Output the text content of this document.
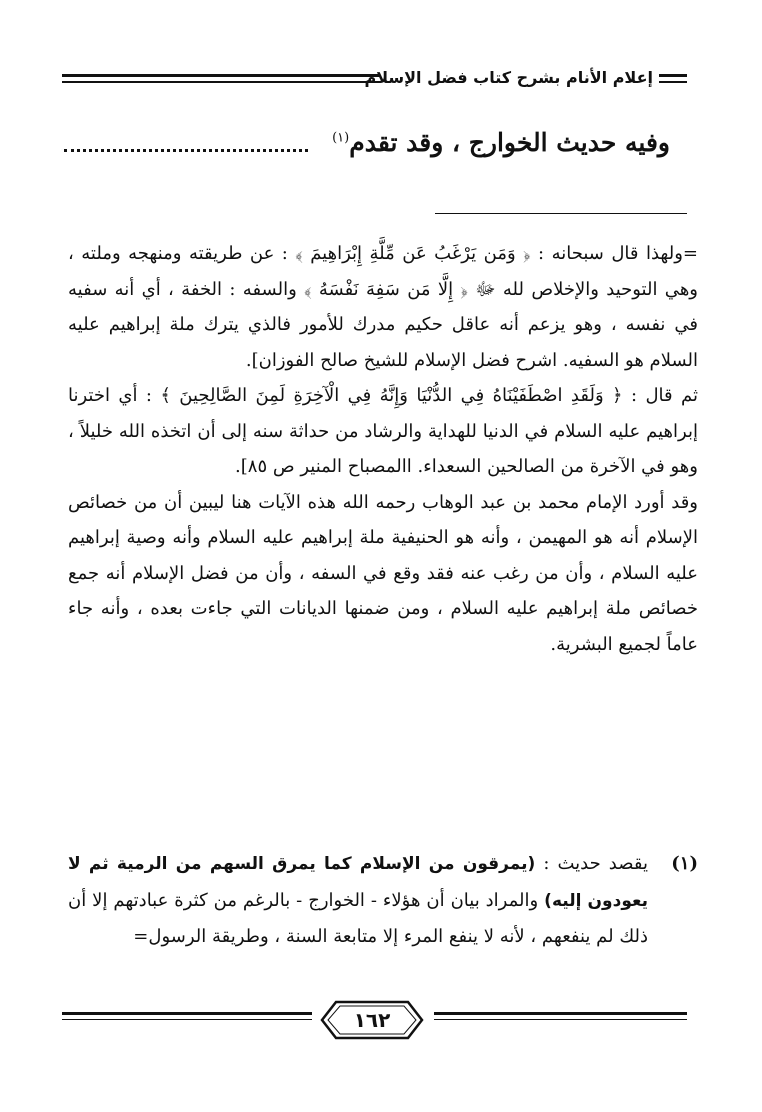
إعلام الأنام بشرح كتاب فضل الإسلام
وفيه حديث الخوارج ، وقد تقدم$^{(١)}$

=ولهذا قال سبحانه : ﴿ وَمَن يَرْغَبُ عَن مِّلَّةِ إِبْرَاهِيمَ ﴾ : عن طريقته ومنهجه وملته ، وهي التوحيد والإخلاص لله ﷻ ﴿ إِلَّا مَن سَفِهَ نَفْسَهُ ﴾ والسفه : الخفة ، أي أنه سفيه في نفسه ، وهو يزعم أنه عاقل حكيم مدرك للأمور فالذي يترك ملة إبراهيم عليه السلام هو السفيه. اشرح فضل الإسلام للشيخ صالح الفوزان].

ثم قال : ﴿ وَلَقَدِ اصْطَفَيْنَاهُ فِي الدُّنْيَا وَإِنَّهُ فِي الْآخِرَةِ لَمِنَ الصَّالِحِينَ ﴾ : أي اخترنا إبراهيم عليه السلام في الدنيا للهداية والرشاد من حداثة سنه إلى أن اتخذه الله خليلاً ، وهو في الآخرة من الصالحين السعداء. االمصباح المنير ص ٨٥].

وقد أورد الإمام محمد بن عبد الوهاب رحمه الله هذه الآيات هنا ليبين أن من خصائص الإسلام أنه هو المهيمن ، وأنه هو الحنيفية ملة إبراهيم عليه السلام وأنه وصية إبراهيم عليه السلام ، وأن من رغب عنه فقد وقع في السفه ، وأن من فضل الإسلام أنه جمع خصائص ملة إبراهيم عليه السلام ، ومن ضمنها الديانات التي جاءت بعده ، وأنه جاء عاماً لجميع البشرية.

(١)

يقصد حديث : (يمرقون من الإسلام كما يمرق السهم من الرمية ثم لا يعودون إليه) والمراد بيان أن هؤلاء - الخوارج - بالرغم من كثرة عبادتهم إلا أن ذلك لم ينفعهم ، لأنه لا ينفع المرء إلا متابعة السنة ، وطريقة الرسول=

١٦٢
